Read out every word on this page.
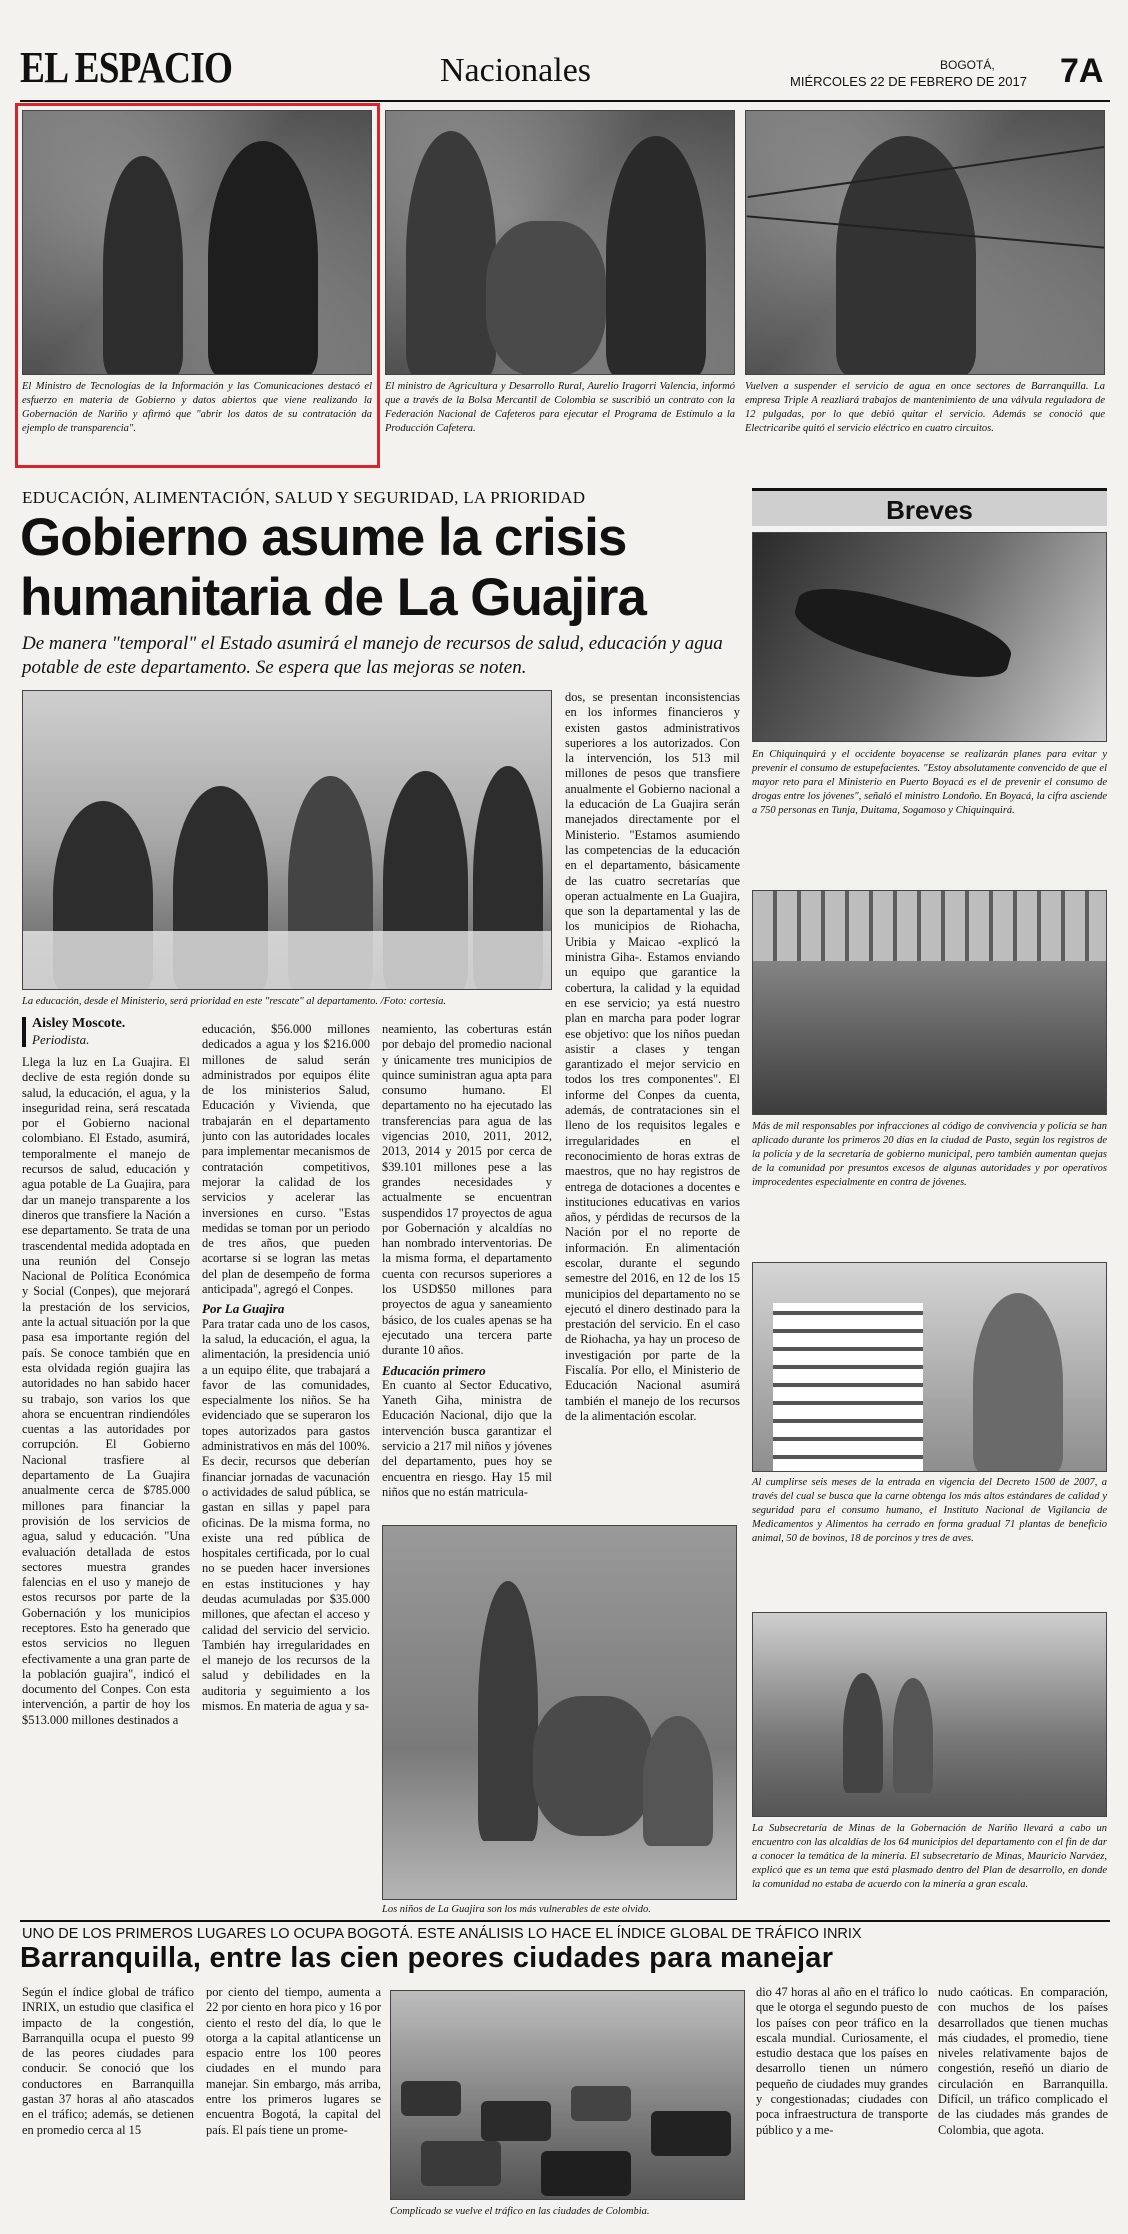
EL ESPACIO	Nacionales	BOGOTÁ,
MIÉRCOLES 22 DE FEBRERO DE 2017 7A
El Ministro de Tecnologías de la Información y las Comunicaciones destacó el esfuerzo en materia de Gobierno y datos abiertos que viene realizando la Gobernación de Nariño y afirmó que "abrir los datos de su contratación da ejemplo de transparencia".
El ministro de Agricultura y Desarrollo Rural, Aurelio Iragorri Valencia, informó que a través de la Bolsa Mercantil de Colombia se suscribió un contrato con la Federación Nacional de Cafeteros para ejecutar el Programa de Estímulo a la Producción Cafetera.
Vuelven a suspender el servicio de agua en once sectores de Barranquilla. La empresa Triple A reazliará trabajos de mantenimiento de una válvula reguladora de 12 pulgadas, por lo que debió quitar el servicio. Además se conoció que Electricaribe quitó el servicio eléctrico en cuatro circuitos.
EDUCACIÓN, ALIMENTACIÓN, SALUD Y SEGURIDAD, LA PRIORIDAD
Gobierno asume la crisis
humanitaria de La Guajira
De manera "temporal" el Estado asumirá el manejo de recursos de salud, educación y agua potable de este departamento. Se espera que las mejoras se noten.
La educación, desde el Ministerio, será prioridad en este "rescate" al departamento. /Foto: cortesía.
Aisley Moscote.
Periodista.
Llega la luz en La Guajira. El declive de esta región donde su salud, la educación, el agua, y la inseguridad reina, será rescatada por el Gobierno nacional colombiano. El Estado, asumirá, temporalmente el manejo de recursos de salud, educación y agua potable de La Guajira, para dar un manejo transparente a los dineros que transfiere la Nación a ese departamento. Se trata de una trascendental medida adoptada en una reunión del Consejo Nacional de Política Económica y Social (Conpes), que mejorará la prestación de los servicios, ante la actual situación por la que pasa esa importante región del país. Se conoce también que en esta olvidada región guajira las autoridades no han sabido hacer su trabajo, son varios los que ahora se encuentran rindiendóles cuentas a las autoridades por corrupción. El Gobierno Nacional trasfiere al departamento de La Guajira anualmente cerca de $785.000 millones para financiar la provisión de los servicios de agua, salud y educación. "Una evaluación detallada de estos sectores muestra grandes falencias en el uso y manejo de estos recursos por parte de la Gobernación y los municipios receptores. Esto ha generado que estos servicios no lleguen efectivamente a una gran parte de la población guajira", indicó el documento del Conpes. Con esta intervención, a partir de hoy los $513.000 millones destinados a

educación, $56.000 millones dedicados a agua y los $216.000 millones de salud serán administrados por equipos élite de los ministerios Salud, Educación y Vivienda, que trabajarán en el departamento junto con las autoridades locales para implementar mecanismos de contratación competitivos, mejorar la calidad de los servicios y acelerar las inversiones en curso. "Estas medidas se toman por un periodo de tres años, que pueden acortarse si se logran las metas del plan de desempeño de forma anticipada", agregó el Conpes.

Por La Guajira

Para tratar cada uno de los casos, la salud, la educación, el agua, la alimentación, la presidencia unió a un equipo élite, que trabajará a favor de las comunidades, especialmente los niños. Se ha evidenciado que se superaron los topes autorizados para gastos administrativos en más del 100%. Es decir, recursos que deberían financiar jornadas de vacunación o actividades de salud pública, se gastan en sillas y papel para oficinas. De la misma forma, no existe una red pública de hospitales certificada, por lo cual no se pueden hacer inversiones en estas instituciones y hay deudas acumuladas por $35.000 millones, que afectan el acceso y calidad del servicio del servicio. También hay irregularidades en el manejo de los recursos de la salud y debilidades en la auditoria y seguimiento a los mismos. En materia de agua y sa-

neamiento, las coberturas están por debajo del promedio nacional y únicamente tres municipios de quince suministran agua apta para consumo humano. El departamento no ha ejecutado las transferencias para agua de las vigencias 2010, 2011, 2012, 2013, 2014 y 2015 por cerca de $39.101 millones pese a las grandes necesidades y actualmente se encuentran suspendidos 17 proyectos de agua por Gobernación y alcaldías no han nombrado interventorias. De la misma forma, el departamento cuenta con recursos superiores a los USD$50 millones para proyectos de agua y saneamiento básico, de los cuales apenas se ha ejecutado una tercera parte durante 10 años.

Educación primero

En cuanto al Sector Educativo, Yaneth Giha, ministra de Educación Nacional, dijo que la intervención busca garantizar el servicio a 217 mil niños y jóvenes del departamento, pues hoy se encuentra en riesgo. Hay 15 mil niños que no están matricula-

Los niños de La Guajira son los más vulnerables de este olvido.
dos, se presentan inconsistencias en los informes financieros y existen gastos administrativos superiores a los autorizados. Con la intervención, los 513 mil millones de pesos que transfiere anualmente el Gobierno nacional a la educación de La Guajira serán manejados directamente por el Ministerio. "Estamos asumiendo las competencias de la educación en el departamento, básicamente de las cuatro secretarías que operan actualmente en La Guajira, que son la departamental y las de los municipios de Riohacha, Uribia y Maicao -explicó la ministra Giha-. Estamos enviando un equipo que garantice la cobertura, la calidad y la equidad en ese servicio; ya está nuestro plan en marcha para poder lograr ese objetivo: que los niños puedan asistir a clases y tengan garantizado el mejor servicio en todos los tres componentes". El informe del Conpes da cuenta, además, de contrataciones sin el lleno de los requisitos legales e irregularidades en el reconocimiento de horas extras de maestros, que no hay registros de entrega de dotaciones a docentes e instituciones educativas en varios años, y pérdidas de recursos de la Nación por el no reporte de información. En alimentación escolar, durante el segundo semestre del 2016, en 12 de los 15 municipios del departamento no se ejecutó el dinero destinado para la prestación del servicio. En el caso de Riohacha, ya hay un proceso de investigación por parte de la Fiscalía. Por ello, el Ministerio de Educación Nacional asumirá también el manejo de los recursos de la alimentación escolar.
Breves
En Chiquinquirá y el occidente boyacense se realizarán planes para evitar y prevenir el consumo de estupefacientes. "Estoy absolutamente convencido de que el mayor reto para el Ministerio en Puerto Boyacá es el de prevenir el consumo de drogas entre los jóvenes", señaló el ministro Londoño. En Boyacá, la cifra asciende a 750 personas en Tunja, Duitama, Sogamoso y Chiquinquirá.
Más de mil responsables por infracciones al código de convivencia y policía se han aplicado durante los primeros 20 días en la ciudad de Pasto, según los registros de la policía y de la secretaría de gobierno municipal, pero también aumentan quejas de la comunidad por presuntos excesos de algunas autoridades y por operativos improcedentes especialmente en contra de jóvenes.
Al cumplirse seis meses de la entrada en vigencia del Decreto 1500 de 2007, a través del cual se busca que la carne obtenga los más altos estándares de calidad y seguridad para el consumo humano, el Instituto Nacional de Vigilancia de Medicamentos y Alimentos ha cerrado en forma gradual 71 plantas de beneficio animal, 50 de bovinos, 18 de porcinos y tres de aves.
La Subsecretaría de Minas de la Gobernación de Nariño llevará a cabo un encuentro con las alcaldías de los 64 municipios del departamento con el fin de dar a conocer la temática de la minería. El subsecretario de Minas, Mauricio Narváez, explicó que es un tema que está plasmado dentro del Plan de desarrollo, en donde la comunidad no estaba de acuerdo con la minería a gran escala.
UNO DE LOS PRIMEROS LUGARES LO OCUPA BOGOTÁ. ESTE ANÁLISIS LO HACE EL ÍNDICE GLOBAL DE TRÁFICO INRIX
Barranquilla, entre las cien peores ciudades para manejar
Según el índice global de tráfico INRIX, un estudio que clasifica el impacto de la congestión, Barranquilla ocupa el puesto 99 de las peores ciudades para conducir. Se conoció que los conductores en Barranquilla gastan 37 horas al año atascados en el tráfico; además, se detienen en promedio cerca al 15
por ciento del tiempo, aumenta a 22 por ciento en hora pico y 16 por ciento el resto del día, lo que le otorga a la capital atlanticense un espacio entre los 100 peores ciudades en el mundo para manejar. Sin embargo, más arriba, entre los primeros lugares se encuentra Bogotá, la capital del país. El país tiene un prome-
Complicado se vuelve el tráfico en las ciudades de Colombia.
dio 47 horas al año en el tráfico lo que le otorga el segundo puesto de los países con peor tráfico en la escala mundial. Curiosamente, el estudio destaca que los países en desarrollo tienen un número pequeño de ciudades muy grandes y congestionadas; ciudades con poca infraestructura de transporte público y a me-
nudo caóticas. En comparación, con muchos de los países desarrollados que tienen muchas más ciudades, el promedio, tiene niveles relativamente bajos de congestión, reseñó un diario de circulación en Barranquilla. Difícil, un tráfico complicado el de las ciudades más grandes de Colombia, que agota.
